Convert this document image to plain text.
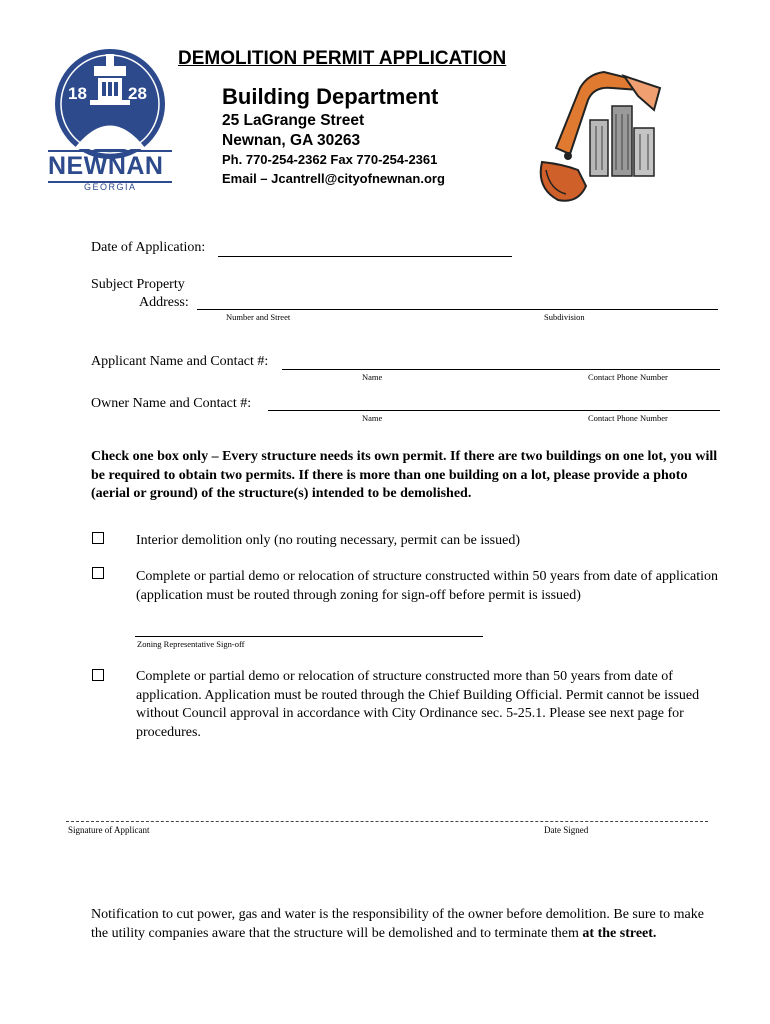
18 28
NEWNAN
GEORGIA
DEMOLITION PERMIT APPLICATION
Building Department
25 LaGrange Street
Newnan, GA 30263
Ph. 770-254-2362 Fax 770-254-2361
Email – Jcantrell@cityofnewnan.org
Date of Application:
Subject Property
Address:
Number and Street	Subdivision
Applicant Name and Contact #:
Name	Contact Phone Number
Owner Name and Contact #:
Name	Contact Phone Number
Check one box only – Every structure needs its own permit. If there are two buildings on one lot, you will be required to obtain two permits. If there is more than one building on a lot, please provide a photo (aerial or ground) of the structure(s) intended to be demolished.
Interior demolition only (no routing necessary, permit can be issued)
Complete or partial demo or relocation of structure constructed within 50 years from date of application (application must be routed through zoning for sign-off before permit is issued)
Zoning Representative Sign-off
Complete or partial demo or relocation of structure constructed more than 50 years from date of application. Application must be routed through the Chief Building Official. Permit cannot be issued without Council approval in accordance with City Ordinance sec. 5-25.1. Please see next page for procedures.
Signature of Applicant	Date Signed
Notification to cut power, gas and water is the responsibility of the owner before demolition. Be sure to make the utility companies aware that the structure will be demolished and to terminate them at the street.
